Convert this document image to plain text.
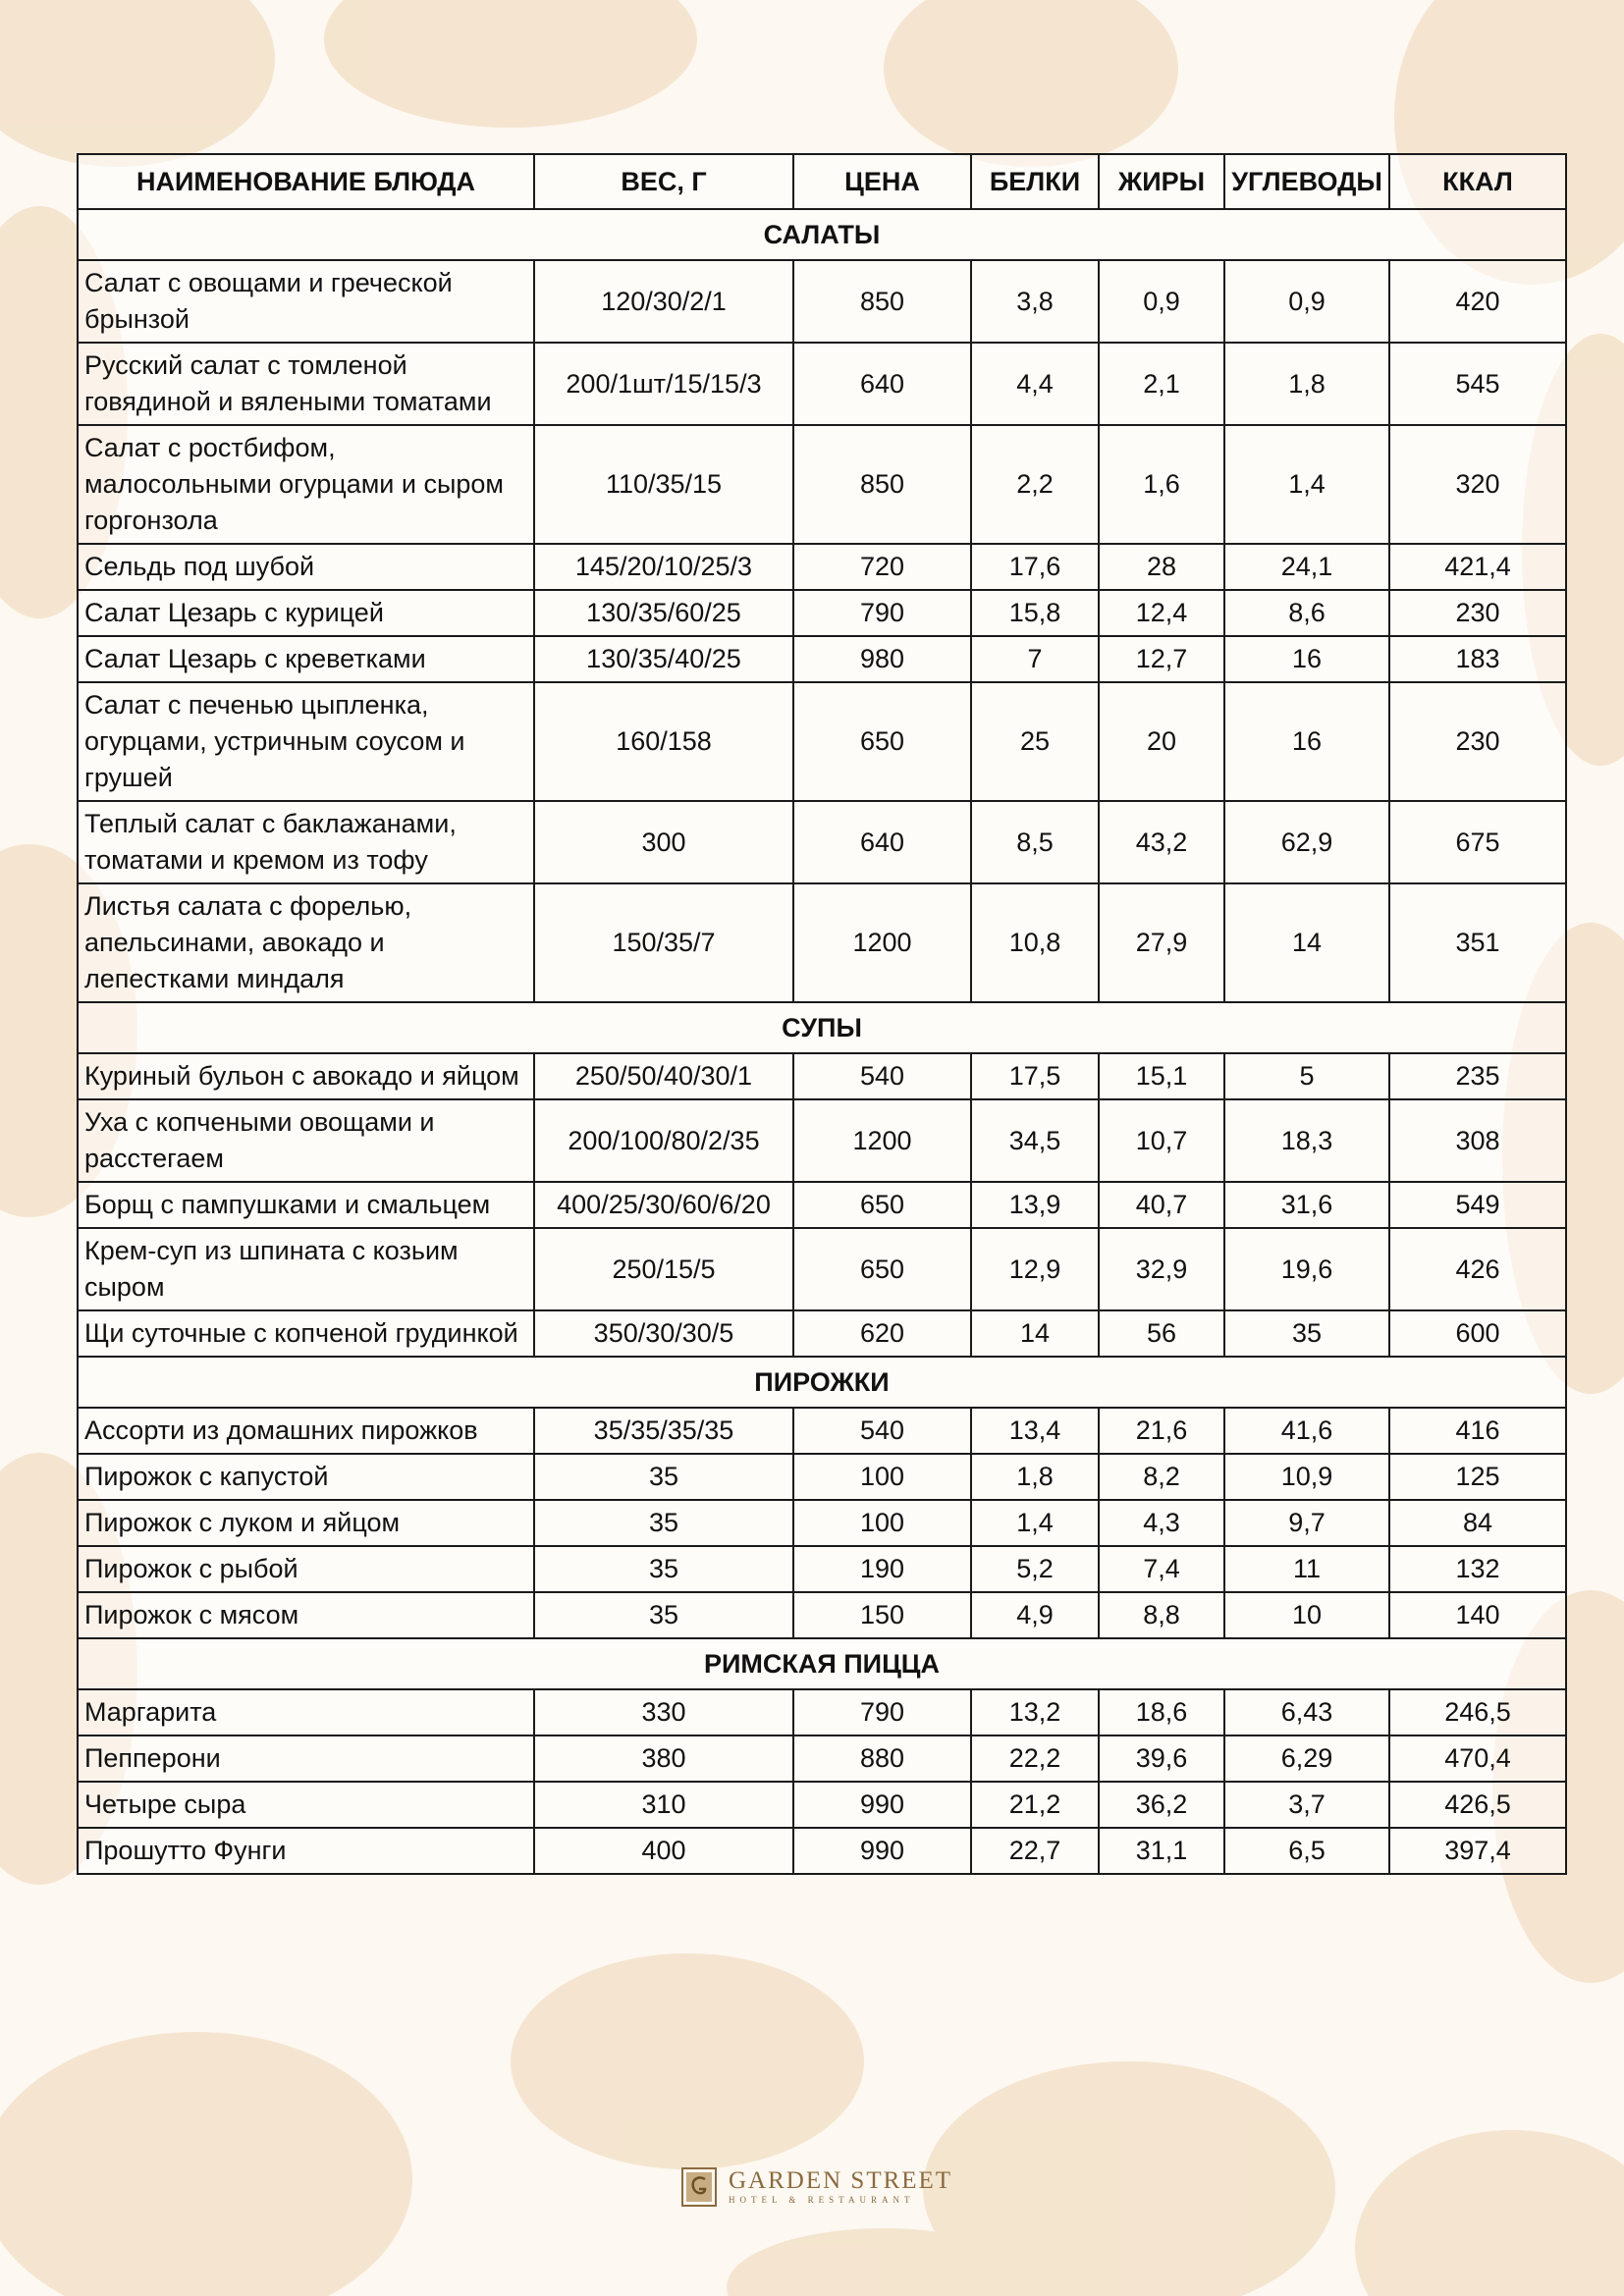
НАИМЕНОВАНИЕ БЛЮДА	ВЕС, Г	ЦЕНА	БЕЛКИ	ЖИРЫ	УГЛЕВОДЫ	ККАЛ
САЛАТЫ						
Салат с овощами и греческой брынзой	120/30/2/1	850	3,8	0,9	0,9	420
Русский салат с томленой говядиной и вялеными томатами	200/1шт/15/15/3	640	4,4	2,1	1,8	545
Салат с ростбифом, малосольными огурцами и сыром горгонзола	110/35/15	850	2,2	1,6	1,4	320
Сельдь под шубой	145/20/10/25/3	720	17,6	28	24,1	421,4
Салат Цезарь с курицей	130/35/60/25	790	15,8	12,4	8,6	230
Салат Цезарь с креветками	130/35/40/25	980	7	12,7	16	183
Салат с печенью цыпленка, огурцами, устричным соусом и грушей	160/158	650	25	20	16	230
Теплый салат с баклажанами, томатами и кремом из тофу	300	640	8,5	43,2	62,9	675
Листья салата с форелью, апельсинами, авокадо и лепестками миндаля	150/35/7	1200	10,8	27,9	14	351
СУПЫ						
Куриный бульон с авокадо и яйцом	250/50/40/30/1	540	17,5	15,1	5	235
Уха с копчеными овощами и расстегаем	200/100/80/2/35	1200	34,5	10,7	18,3	308
Борщ с пампушками и смальцем	400/25/30/60/6/20	650	13,9	40,7	31,6	549
Крем-суп из шпината с козьим сыром	250/15/5	650	12,9	32,9	19,6	426
Щи суточные с копченой грудинкой	350/30/30/5	620	14	56	35	600
ПИРОЖКИ						
Ассорти из домашних пирожков	35/35/35/35	540	13,4	21,6	41,6	416
Пирожок с капустой	35	100	1,8	8,2	10,9	125
Пирожок с луком и яйцом	35	100	1,4	4,3	9,7	84
Пирожок с рыбой	35	190	5,2	7,4	11	132
Пирожок с мясом	35	150	4,9	8,8	10	140
РИМСКАЯ ПИЦЦА						
Маргарита	330	790	13,2	18,6	6,43	246,5
Пепперони	380	880	22,2	39,6	6,29	470,4
Четыре сыра	310	990	21,2	36,2	3,7	426,5
Прошутто Фунги	400	990	22,7	31,1	6,5	397,4
GARDEN STREET
HOTEL & RESTAURANT
